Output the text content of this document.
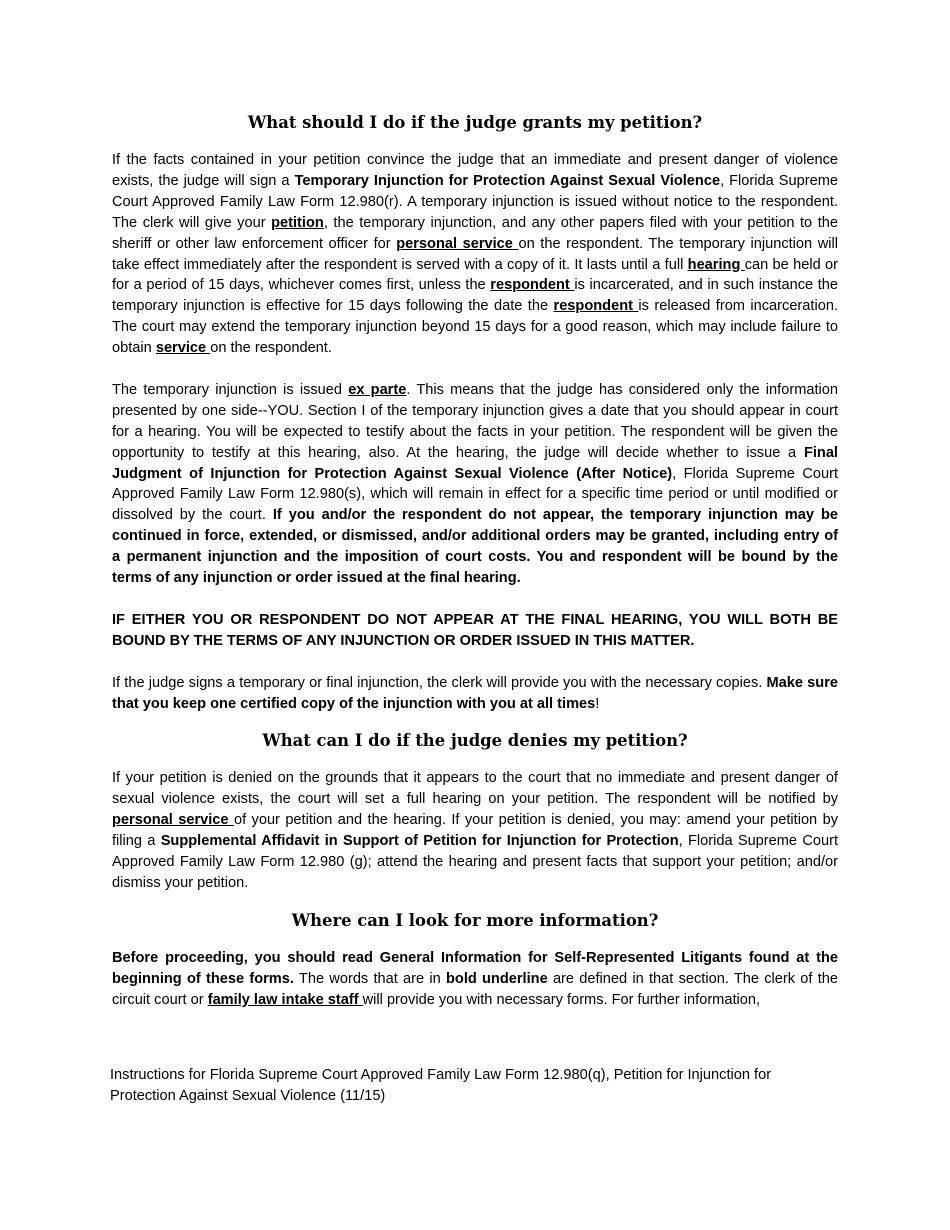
What should I do if the judge grants my petition?

If the facts contained in your petition convince the judge that an immediate and present danger of violence exists, the judge will sign a Temporary Injunction for Protection Against Sexual Violence, Florida Supreme Court Approved Family Law Form 12.980(r). A temporary injunction is issued without notice to the respondent. The clerk will give your petition, the temporary injunction, and any other papers filed with your petition to the sheriff or other law enforcement officer for personal service on the respondent. The temporary injunction will take effect immediately after the respondent is served with a copy of it. It lasts until a full hearing can be held or for a period of 15 days, whichever comes first, unless the respondent is incarcerated, and in such instance the temporary injunction is effective for 15 days following the date the respondent is released from incarceration. The court may extend the temporary injunction beyond 15 days for a good reason, which may include failure to obtain service on the respondent.

The temporary injunction is issued ex parte. This means that the judge has considered only the information presented by one side--YOU. Section I of the temporary injunction gives a date that you should appear in court for a hearing. You will be expected to testify about the facts in your petition. The respondent will be given the opportunity to testify at this hearing, also. At the hearing, the judge will decide whether to issue a Final Judgment of Injunction for Protection Against Sexual Violence (After Notice), Florida Supreme Court Approved Family Law Form 12.980(s), which will remain in effect for a specific time period or until modified or dissolved by the court. If you and/or the respondent do not appear, the temporary injunction may be continued in force, extended, or dismissed, and/or additional orders may be granted, including entry of a permanent injunction and the imposition of court costs. You and respondent will be bound by the terms of any injunction or order issued at the final hearing.

IF EITHER YOU OR RESPONDENT DO NOT APPEAR AT THE FINAL HEARING, YOU WILL BOTH BE BOUND BY THE TERMS OF ANY INJUNCTION OR ORDER ISSUED IN THIS MATTER.

If the judge signs a temporary or final injunction, the clerk will provide you with the necessary copies. Make sure that you keep one certified copy of the injunction with you at all times!

What can I do if the judge denies my petition?

If your petition is denied on the grounds that it appears to the court that no immediate and present danger of sexual violence exists, the court will set a full hearing on your petition. The respondent will be notified by personal service of your petition and the hearing. If your petition is denied, you may: amend your petition by filing a Supplemental Affidavit in Support of Petition for Injunction for Protection, Florida Supreme Court Approved Family Law Form 12.980 (g); attend the hearing and present facts that support your petition; and/or dismiss your petition.

Where can I look for more information?

Before proceeding, you should read General Information for Self-Represented Litigants found at the beginning of these forms. The words that are in bold underline are defined in that section. The clerk of the circuit court or family law intake staff will provide you with necessary forms. For further information,

Instructions for Florida Supreme Court Approved Family Law Form 12.980(q), Petition for Injunction for
Protection Against Sexual Violence (11/15)
